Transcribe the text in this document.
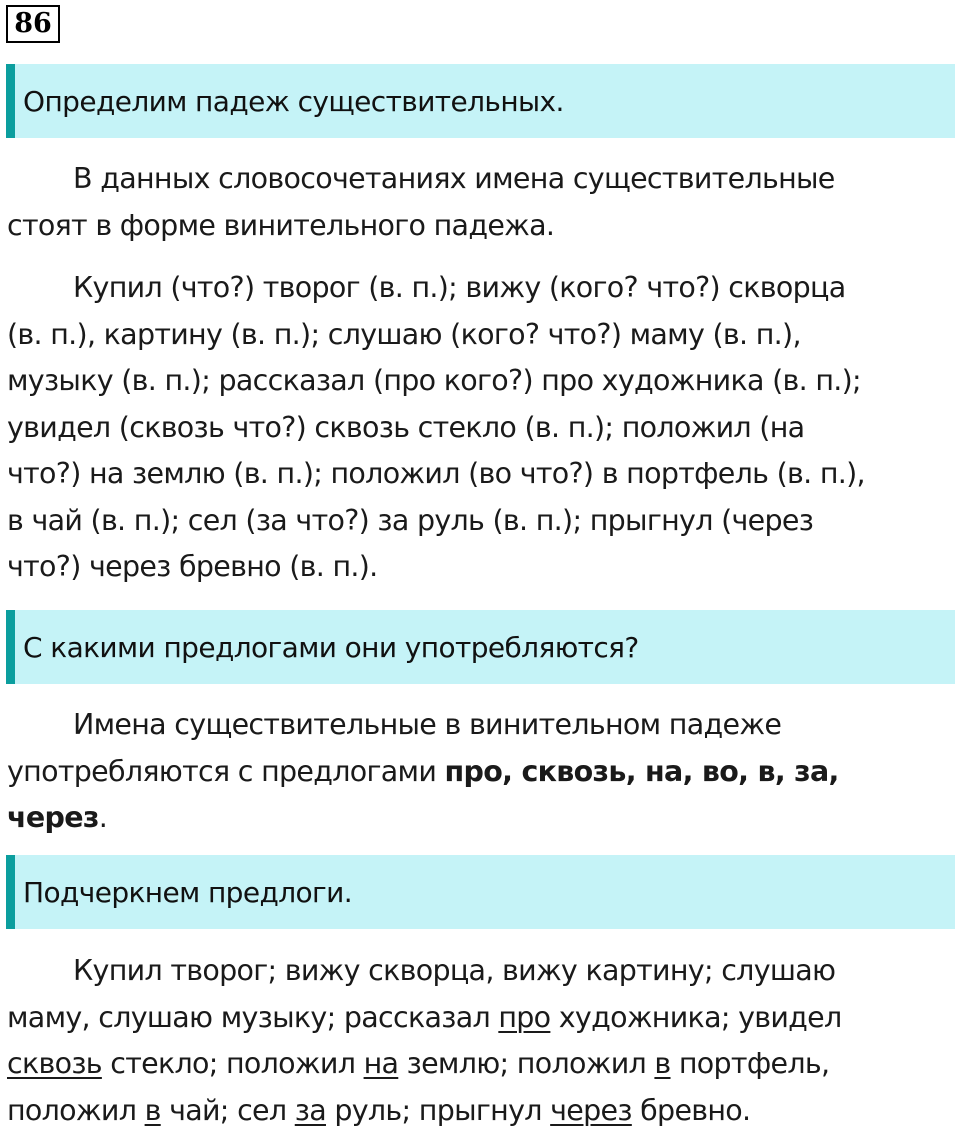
86
Определим падеж существительных.
В данных словосочетаниях имена существительные
стоят в форме винительного падежа.
Купил (что?) творог (в. п.); вижу (кого? что?) скворца
(в. п.), картину (в. п.); слушаю (кого? что?) маму (в. п.),
музыку (в. п.); рассказал (про кого?) про художника (в. п.);
увидел (сквозь что?) сквозь стекло (в. п.); положил (на
что?) на землю (в. п.); положил (во что?) в портфель (в. п.),
в чай (в. п.); сел (за что?) за руль (в. п.); прыгнул (через
что?) через бревно (в. п.).
С какими предлогами они употребляются?
Имена существительные в винительном падеже
употребляются с предлогами про, сквозь, на, во, в, за,
через.
Подчеркнем предлоги.
Купил творог; вижу скворца, вижу картину; слушаю
маму, слушаю музыку; рассказал про художника; увидел
сквозь стекло; положил на землю; положил в портфель,
положил в чай; сел за руль; прыгнул через бревно.
